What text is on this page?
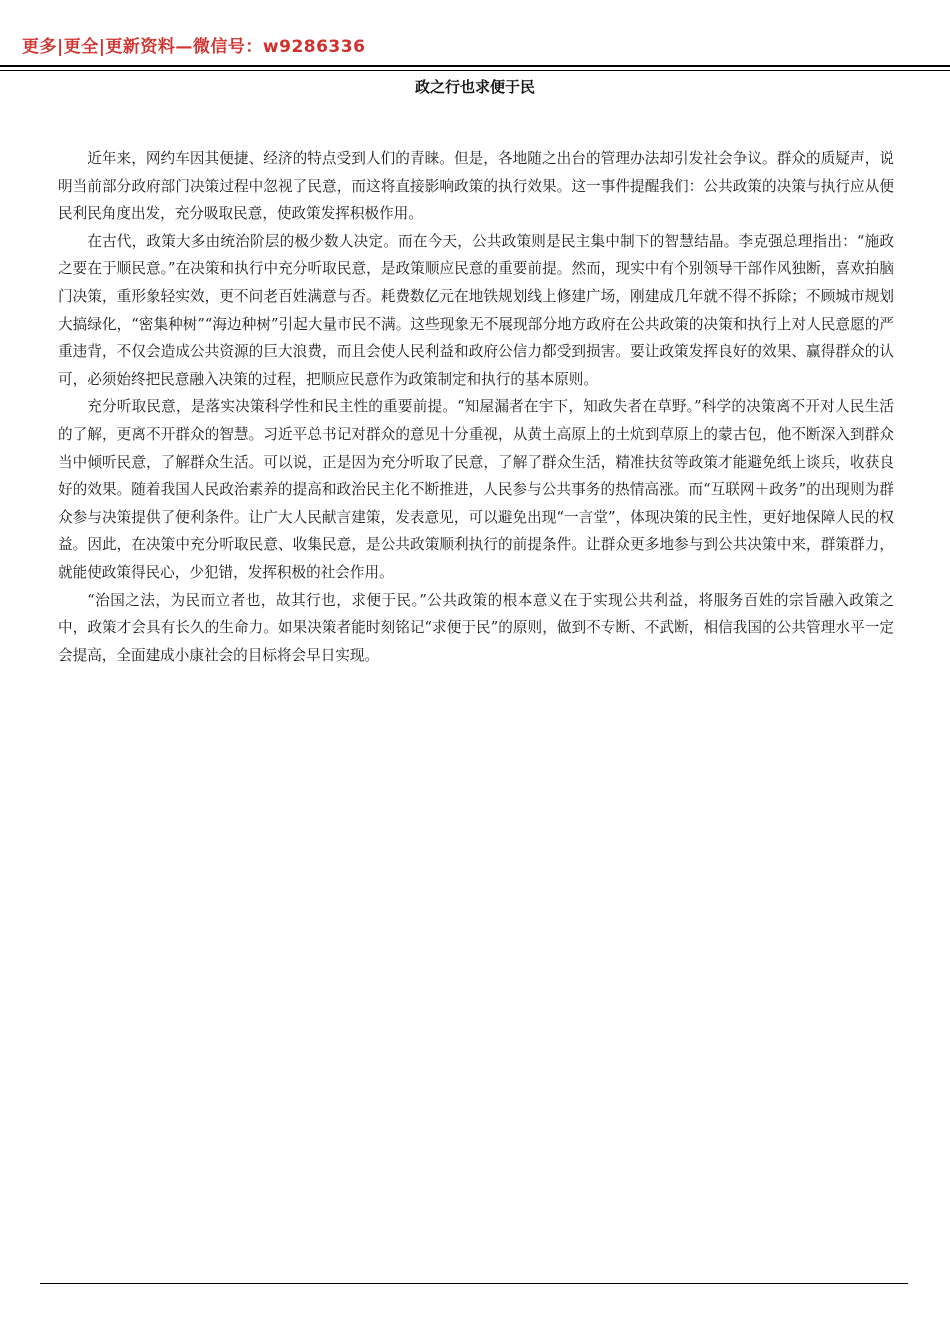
更多|更全|更新资料—微信号：w9286336
政之行也求便于民

近年来，网约车因其便捷、经济的特点受到人们的青睐。但是，各地随之出台的管理办法却引发社会争议。群众的质疑声，说明当前部分政府部门决策过程中忽视了民意，而这将直接影响政策的执行效果。这一事件提醒我们：公共政策的决策与执行应从便民利民角度出发，充分吸取民意，使政策发挥积极作用。

在古代，政策大多由统治阶层的极少数人决定。而在今天，公共政策则是民主集中制下的智慧结晶。李克强总理指出：“施政之要在于顺民意。”在决策和执行中充分听取民意，是政策顺应民意的重要前提。然而，现实中有个别领导干部作风独断，喜欢拍脑门决策，重形象轻实效，更不问老百姓满意与否。耗费数亿元在地铁规划线上修建广场，刚建成几年就不得不拆除；不顾城市规划大搞绿化，“密集种树”“海边种树”引起大量市民不满。这些现象无不展现部分地方政府在公共政策的决策和执行上对人民意愿的严重违背，不仅会造成公共资源的巨大浪费，而且会使人民利益和政府公信力都受到损害。要让政策发挥良好的效果、赢得群众的认可，必须始终把民意融入决策的过程，把顺应民意作为政策制定和执行的基本原则。

充分听取民意，是落实决策科学性和民主性的重要前提。“知屋漏者在宇下，知政失者在草野。”科学的决策离不开对人民生活的了解，更离不开群众的智慧。习近平总书记对群众的意见十分重视，从黄土高原上的土炕到草原上的蒙古包，他不断深入到群众当中倾听民意，了解群众生活。可以说，正是因为充分听取了民意，了解了群众生活，精准扶贫等政策才能避免纸上谈兵，收获良好的效果。随着我国人民政治素养的提高和政治民主化不断推进，人民参与公共事务的热情高涨。而“互联网＋政务”的出现则为群众参与决策提供了便利条件。让广大人民献言建策，发表意见，可以避免出现“一言堂”，体现决策的民主性，更好地保障人民的权益。因此，在决策中充分听取民意、收集民意，是公共政策顺利执行的前提条件。让群众更多地参与到公共决策中来，群策群力，就能使政策得民心，少犯错，发挥积极的社会作用。

“治国之法，为民而立者也，故其行也，求便于民。”公共政策的根本意义在于实现公共利益，将服务百姓的宗旨融入政策之中，政策才会具有长久的生命力。如果决策者能时刻铭记“求便于民”的原则，做到不专断、不武断，相信我国的公共管理水平一定会提高，全面建成小康社会的目标将会早日实现。
